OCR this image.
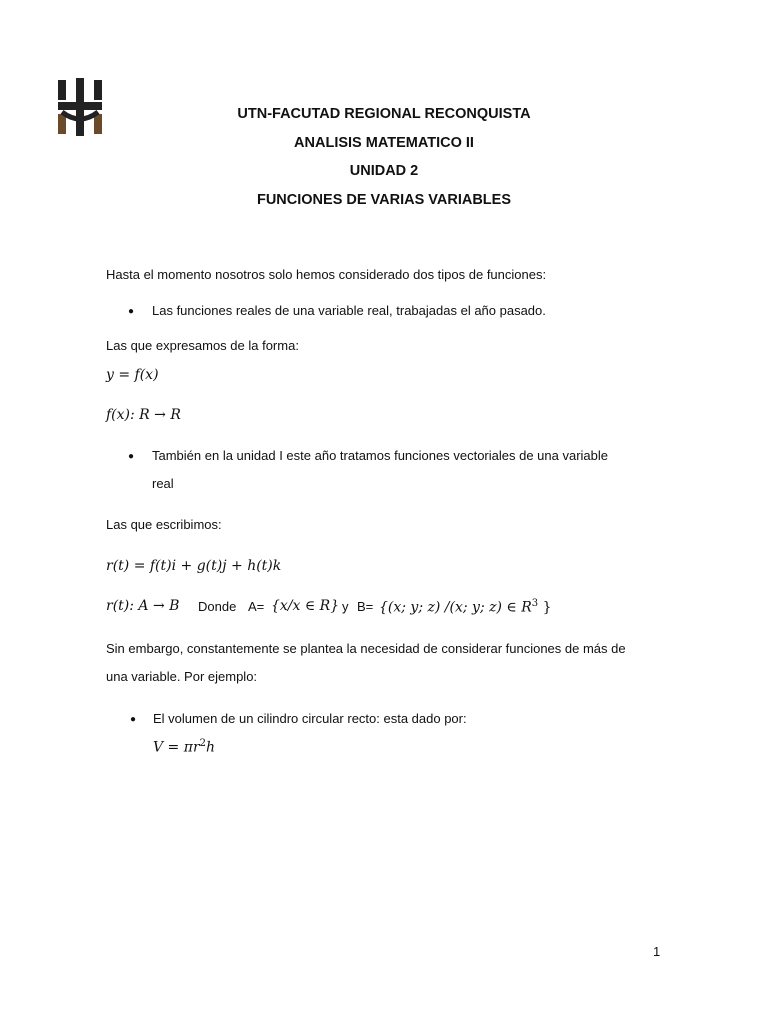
UTN-FACUTAD REGIONAL RECONQUISTA
ANALISIS MATEMATICO II
UNIDAD 2
FUNCIONES DE VARIAS VARIABLES
Hasta el momento nosotros solo hemos considerado dos tipos de funciones:
● Las funciones reales de una variable real, trabajadas el año pasado.
Las que expresamos de la forma:
𝑦 = 𝑓(𝑥)
𝑓(𝑥): 𝑅 → 𝑅
● También en la unidad I este año tratamos funciones vectoriales de una variable
real
Las que escribimos:
𝑟(𝑡) = 𝑓(𝑡)𝑖 + 𝑔(𝑡)𝑗 + ℎ(𝑡)𝑘
𝑟(𝑡): 𝐴 → 𝐵 Donde A= {𝑥/𝑥 ∈ 𝑅} y B= {(𝑥; 𝑦; 𝑧) /(𝑥; 𝑦; 𝑧) ∈ 𝑅$^3$ }
Sin embargo, constantemente se plantea la necesidad de considerar funciones de más de
una variable. Por ejemplo:
● El volumen de un cilindro circular recto: esta dado por:
𝑉 = 𝜋𝑟$^2$ℎ
1
